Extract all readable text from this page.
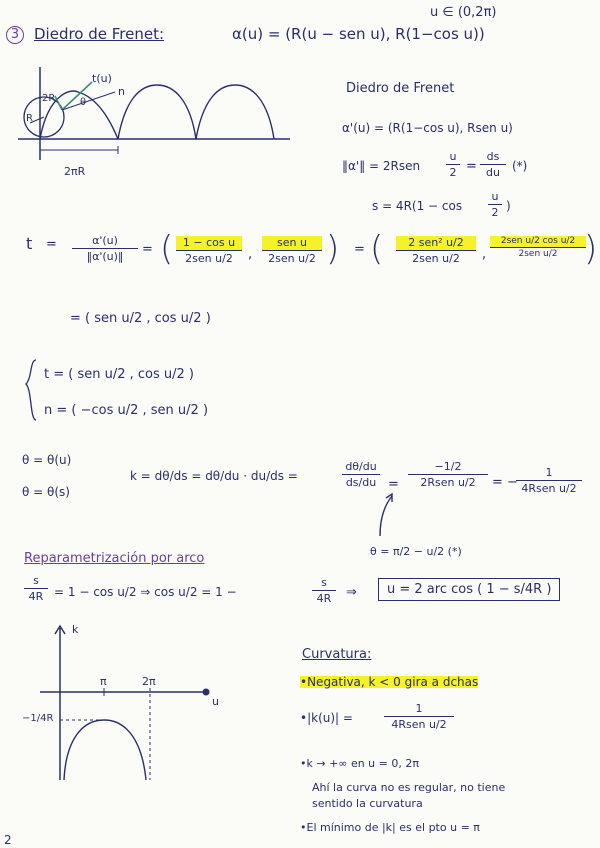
u ∈ (0,2π)
3 Diedro de Frenet:	α(u) = (R(u − sen u), R(1−cos u))
t(u)
n
2R
R
θ
2πR
Diedro de Frenet
α'(u) = (R(1−cos u), Rsen u)
‖α'‖ = 2Rsen $\frac{u}{2} = \frac{ds}{du}$ (*)
$s = 4R(1 - \cos \frac{u}{2}$ )
$t = \frac{\alpha'(u)}{‖\alpha'(u)‖}$ = ( 1 − cos u
2sen u/2	,
sen u
2sen u/2 ) = (	2 sen² u/2
2sen u/2	,
2sen u/2 cos u/2
2sen u/2 )
= ( sen u/2 , cos u/2 )
t = ( sen u/2 , cos u/2 )
n = ( −cos u/2 , sen u/2 )
θ = θ(u)
θ = θ(s)
k = dθ/ds = dθ/du · du/ds =	$\frac{d\theta/du}{ds/du}$ =
−1/2
2Rsen u/2	= −
1
4Rsen u/2
θ = π/2 − u/2 (*)
Reparametrización por arco
$\frac{s}{4R} = 1 - \cos u/2$ ⇒ cos u/2 = 1 −	$\frac{s}{4R}$ ⇒	u = 2 arc cos ( 1 − s/4R )
k
u
π	2π
−1/4R
Curvatura:
•Negativa, k < 0 gira a dchas
•|k(u)| =
1
4Rsen u/2
•k → +∞ en u = 0, 2π
Ahí la curva no es regular, no tiene
sentido la curvatura
•El mínimo de |k| es el pto u = π
2
